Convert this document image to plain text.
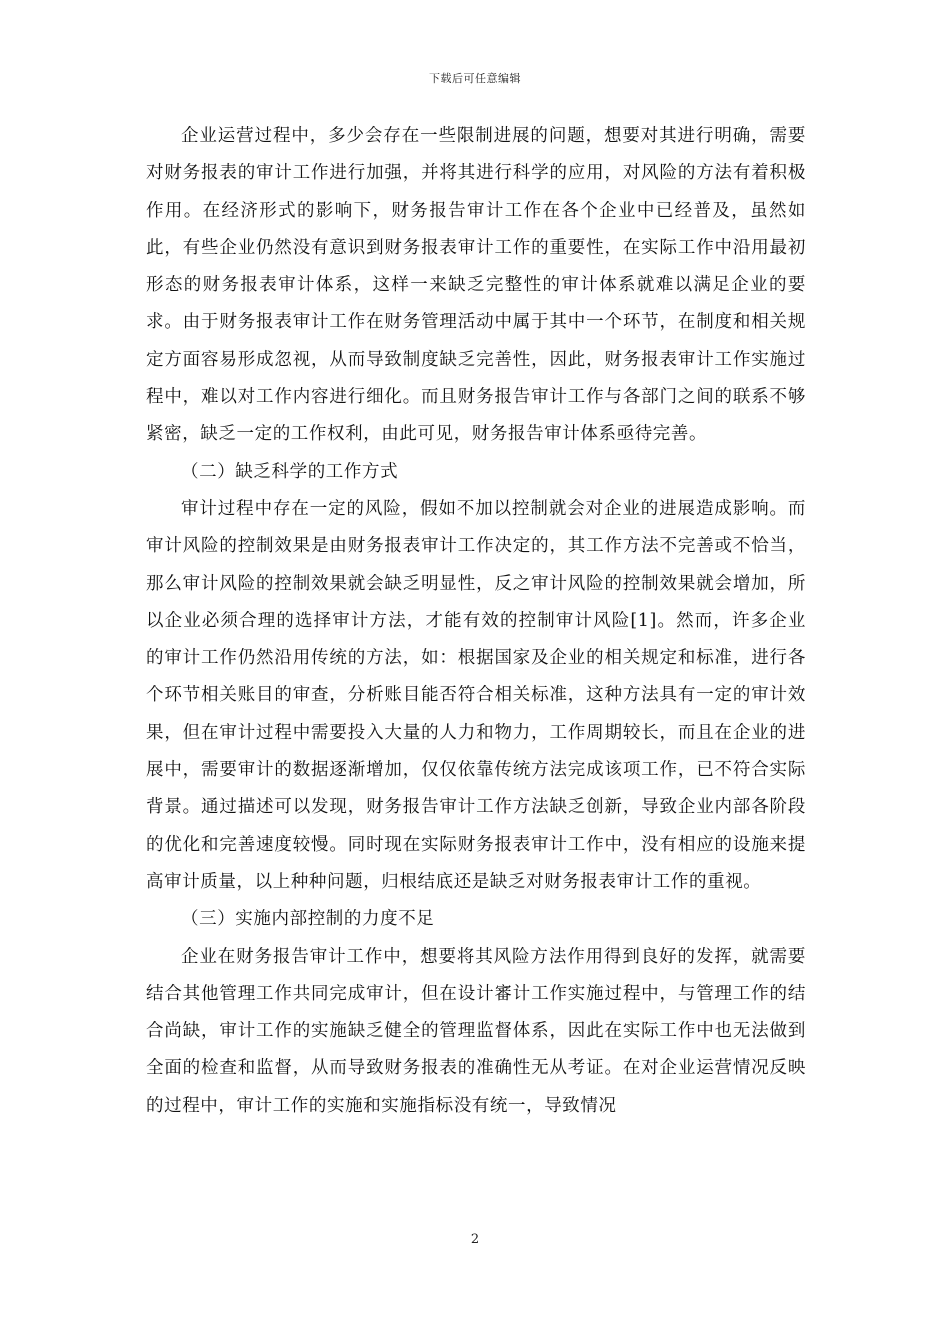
下载后可任意编辑

企业运营过程中，多少会存在一些限制进展的问题，想要对其进行明确，需要对财务报表的审计工作进行加强，并将其进行科学的应用，对风险的方法有着积极作用。在经济形式的影响下，财务报告审计工作在各个企业中已经普及，虽然如此，有些企业仍然没有意识到财务报表审计工作的重要性，在实际工作中沿用最初形态的财务报表审计体系，这样一来缺乏完整性的审计体系就难以满足企业的要求。由于财务报表审计工作在财务管理活动中属于其中一个环节，在制度和相关规定方面容易形成忽视，从而导致制度缺乏完善性，因此，财务报表审计工作实施过程中，难以对工作内容进行细化。而且财务报告审计工作与各部门之间的联系不够紧密，缺乏一定的工作权利，由此可见，财务报告审计体系亟待完善。

（二）缺乏科学的工作方式

审计过程中存在一定的风险，假如不加以控制就会对企业的进展造成影响。而审计风险的控制效果是由财务报表审计工作决定的，其工作方法不完善或不恰当，那么审计风险的控制效果就会缺乏明显性，反之审计风险的控制效果就会增加，所以企业必须合理的选择审计方法，才能有效的控制审计风险[1]。然而，许多企业的审计工作仍然沿用传统的方法，如：根据国家及企业的相关规定和标准，进行各个环节相关账目的审查，分析账目能否符合相关标准，这种方法具有一定的审计效果，但在审计过程中需要投入大量的人力和物力，工作周期较长，而且在企业的进展中，需要审计的数据逐渐增加，仅仅依靠传统方法完成该项工作，已不符合实际背景。通过描述可以发现，财务报告审计工作方法缺乏创新，导致企业内部各阶段的优化和完善速度较慢。同时现在实际财务报表审计工作中，没有相应的设施来提高审计质量，以上种种问题，归根结底还是缺乏对财务报表审计工作的重视。

（三）实施内部控制的力度不足

企业在财务报告审计工作中，想要将其风险方法作用得到良好的发挥，就需要结合其他管理工作共同完成审计，但在设计審计工作实施过程中，与管理工作的结合尚缺，审计工作的实施缺乏健全的管理监督体系，因此在实际工作中也无法做到全面的检查和监督，从而导致财务报表的准确性无从考证。在对企业运营情况反映的过程中，审计工作的实施和实施指标没有统一，导致情况

2
